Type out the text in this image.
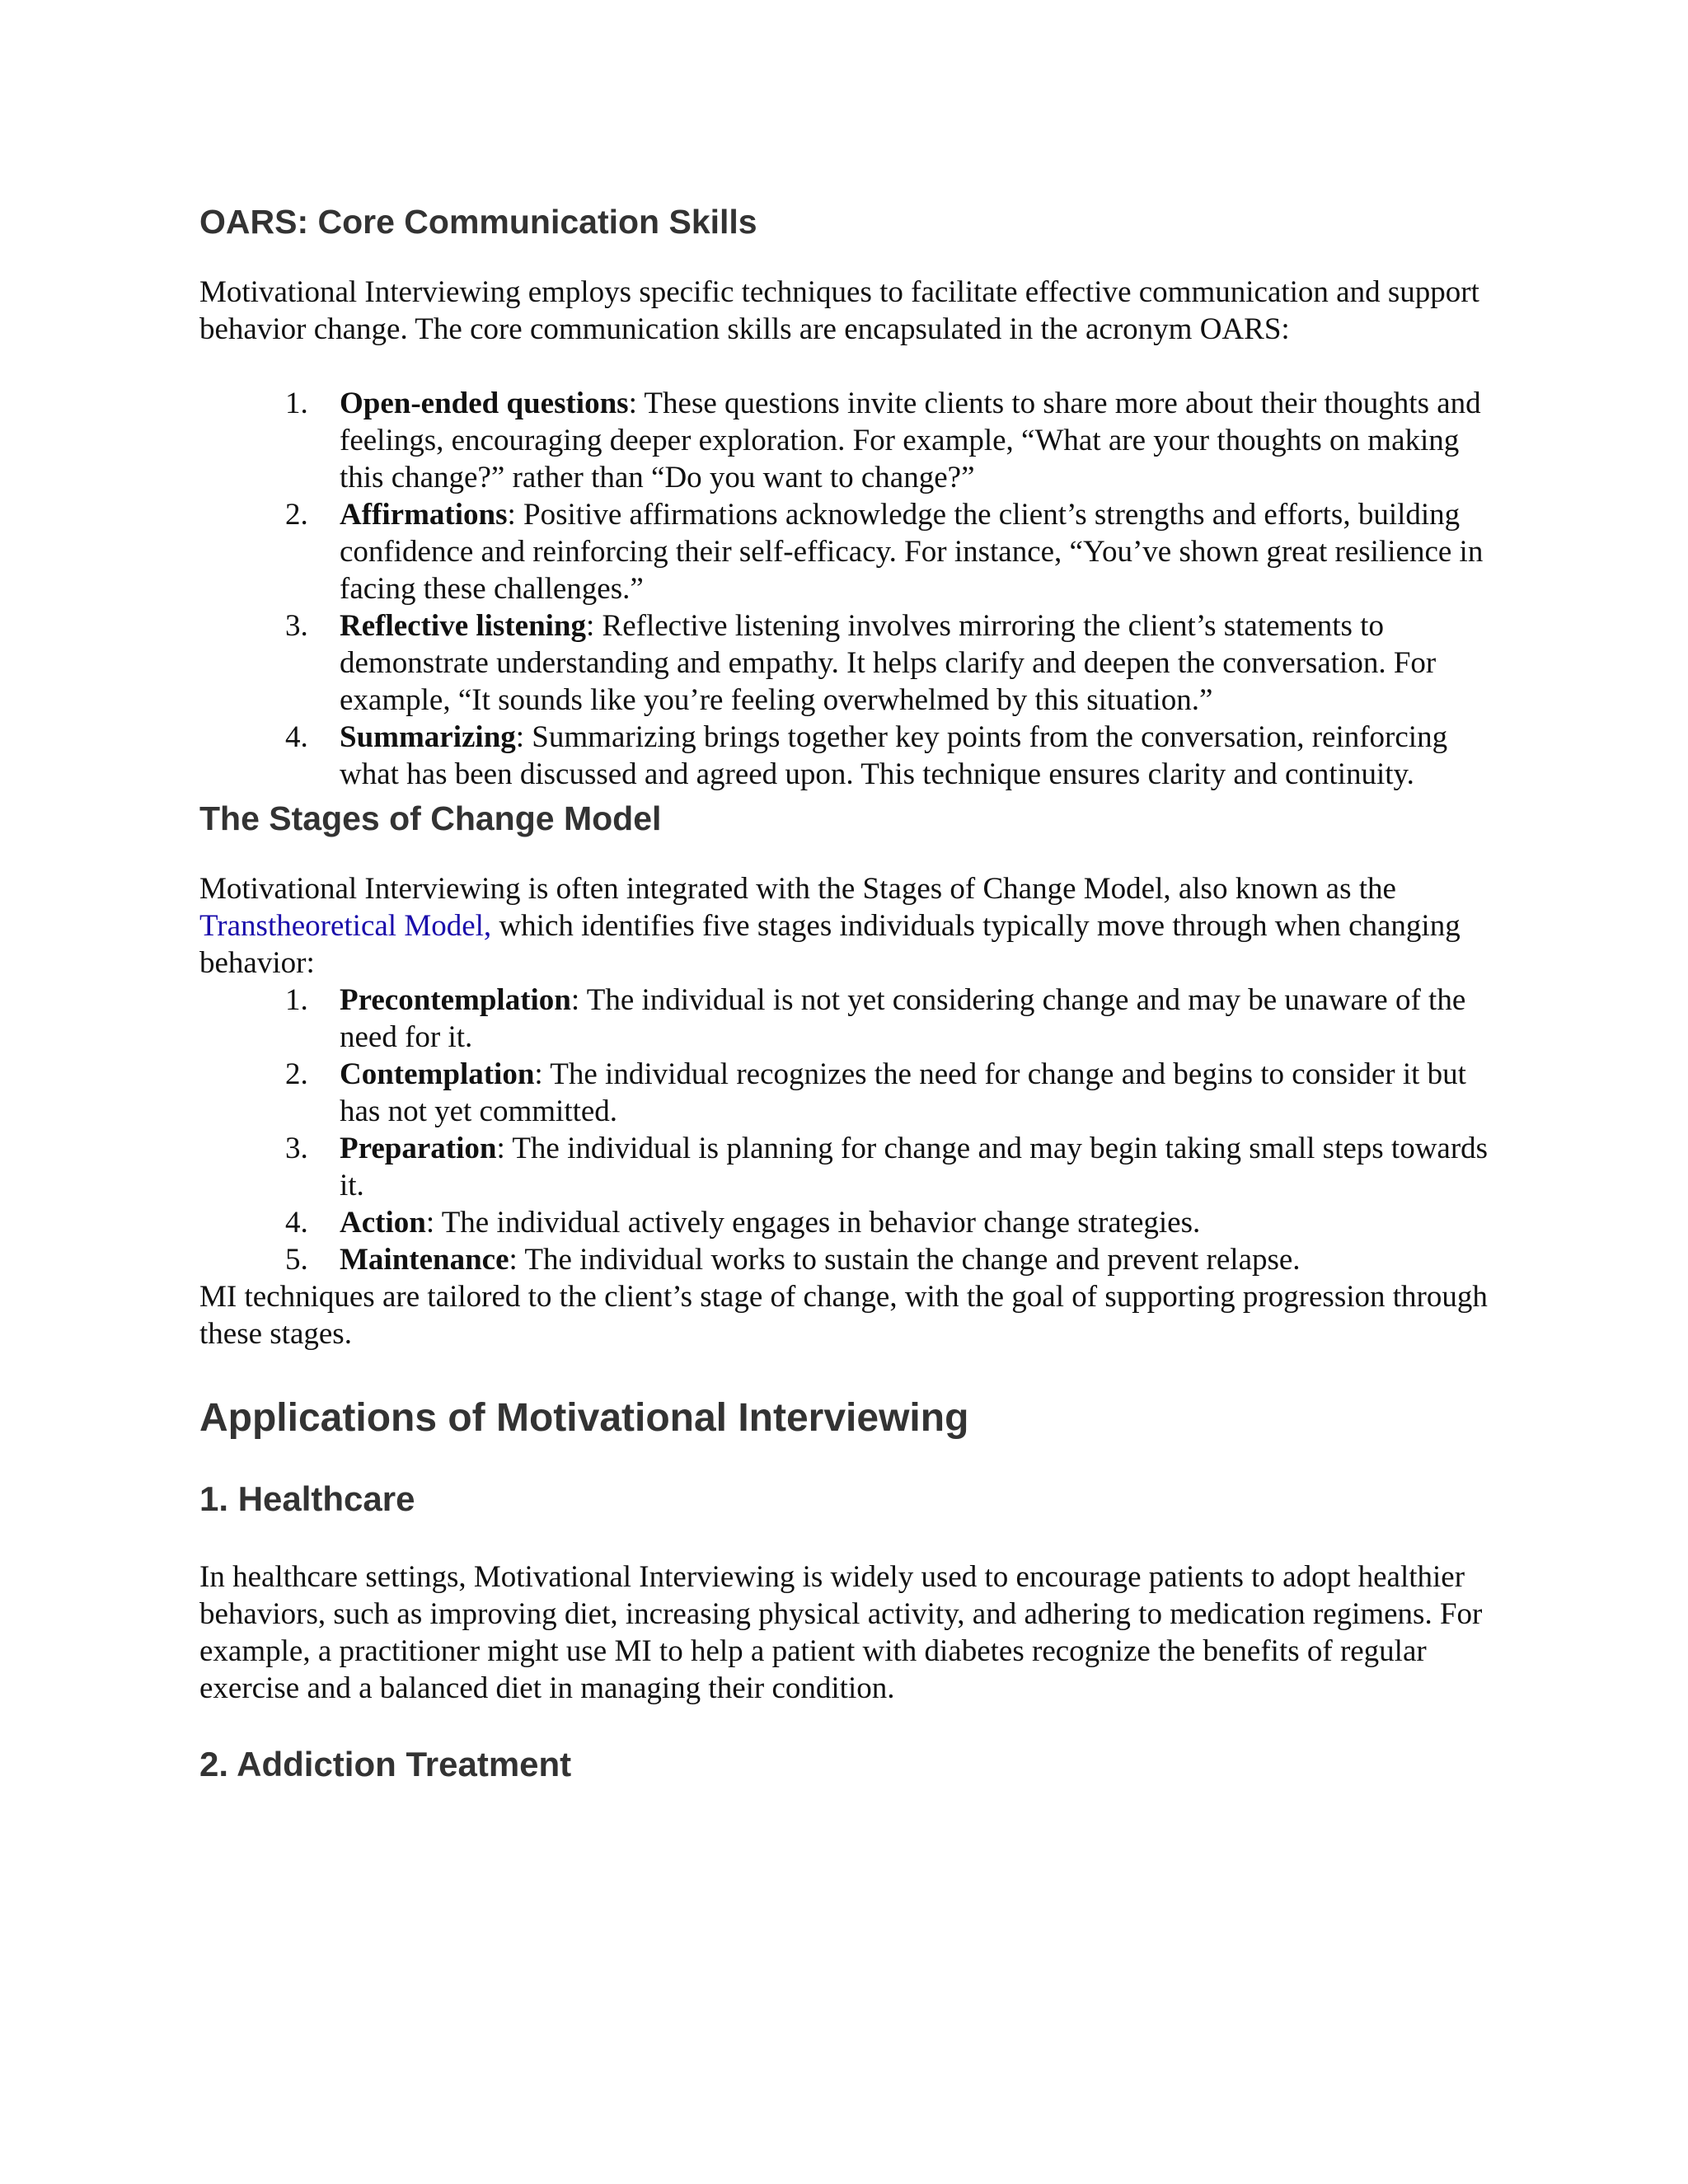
OARS: Core Communication Skills

Motivational Interviewing employs specific techniques to facilitate effective communication and support behavior change. The core communication skills are encapsulated in the acronym OARS:

1. Open-ended questions: These questions invite clients to share more about their thoughts and feelings, encouraging deeper exploration. For example, “What are your thoughts on making this change?” rather than “Do you want to change?”
2. Affirmations: Positive affirmations acknowledge the client’s strengths and efforts, building confidence and reinforcing their self-efficacy. For instance, “You’ve shown great resilience in facing these challenges.”
3. Reflective listening: Reflective listening involves mirroring the client’s statements to demonstrate understanding and empathy. It helps clarify and deepen the conversation. For example, “It sounds like you’re feeling overwhelmed by this situation.”
4. Summarizing: Summarizing brings together key points from the conversation, reinforcing what has been discussed and agreed upon. This technique ensures clarity and continuity.
The Stages of Change Model

Motivational Interviewing is often integrated with the Stages of Change Model, also known as the Transtheoretical Model, which identifies five stages individuals typically move through when changing behavior:

1. Precontemplation: The individual is not yet considering change and may be unaware of the need for it.
2. Contemplation: The individual recognizes the need for change and begins to consider it but has not yet committed.
3. Preparation: The individual is planning for change and may begin taking small steps towards it.
4. Action: The individual actively engages in behavior change strategies.
5. Maintenance: The individual works to sustain the change and prevent relapse.

MI techniques are tailored to the client’s stage of change, with the goal of supporting progression through these stages.

Applications of Motivational Interviewing
1. Healthcare

In healthcare settings, Motivational Interviewing is widely used to encourage patients to adopt healthier behaviors, such as improving diet, increasing physical activity, and adhering to medication regimens. For example, a practitioner might use MI to help a patient with diabetes recognize the benefits of regular exercise and a balanced diet in managing their condition.

2. Addiction Treatment
